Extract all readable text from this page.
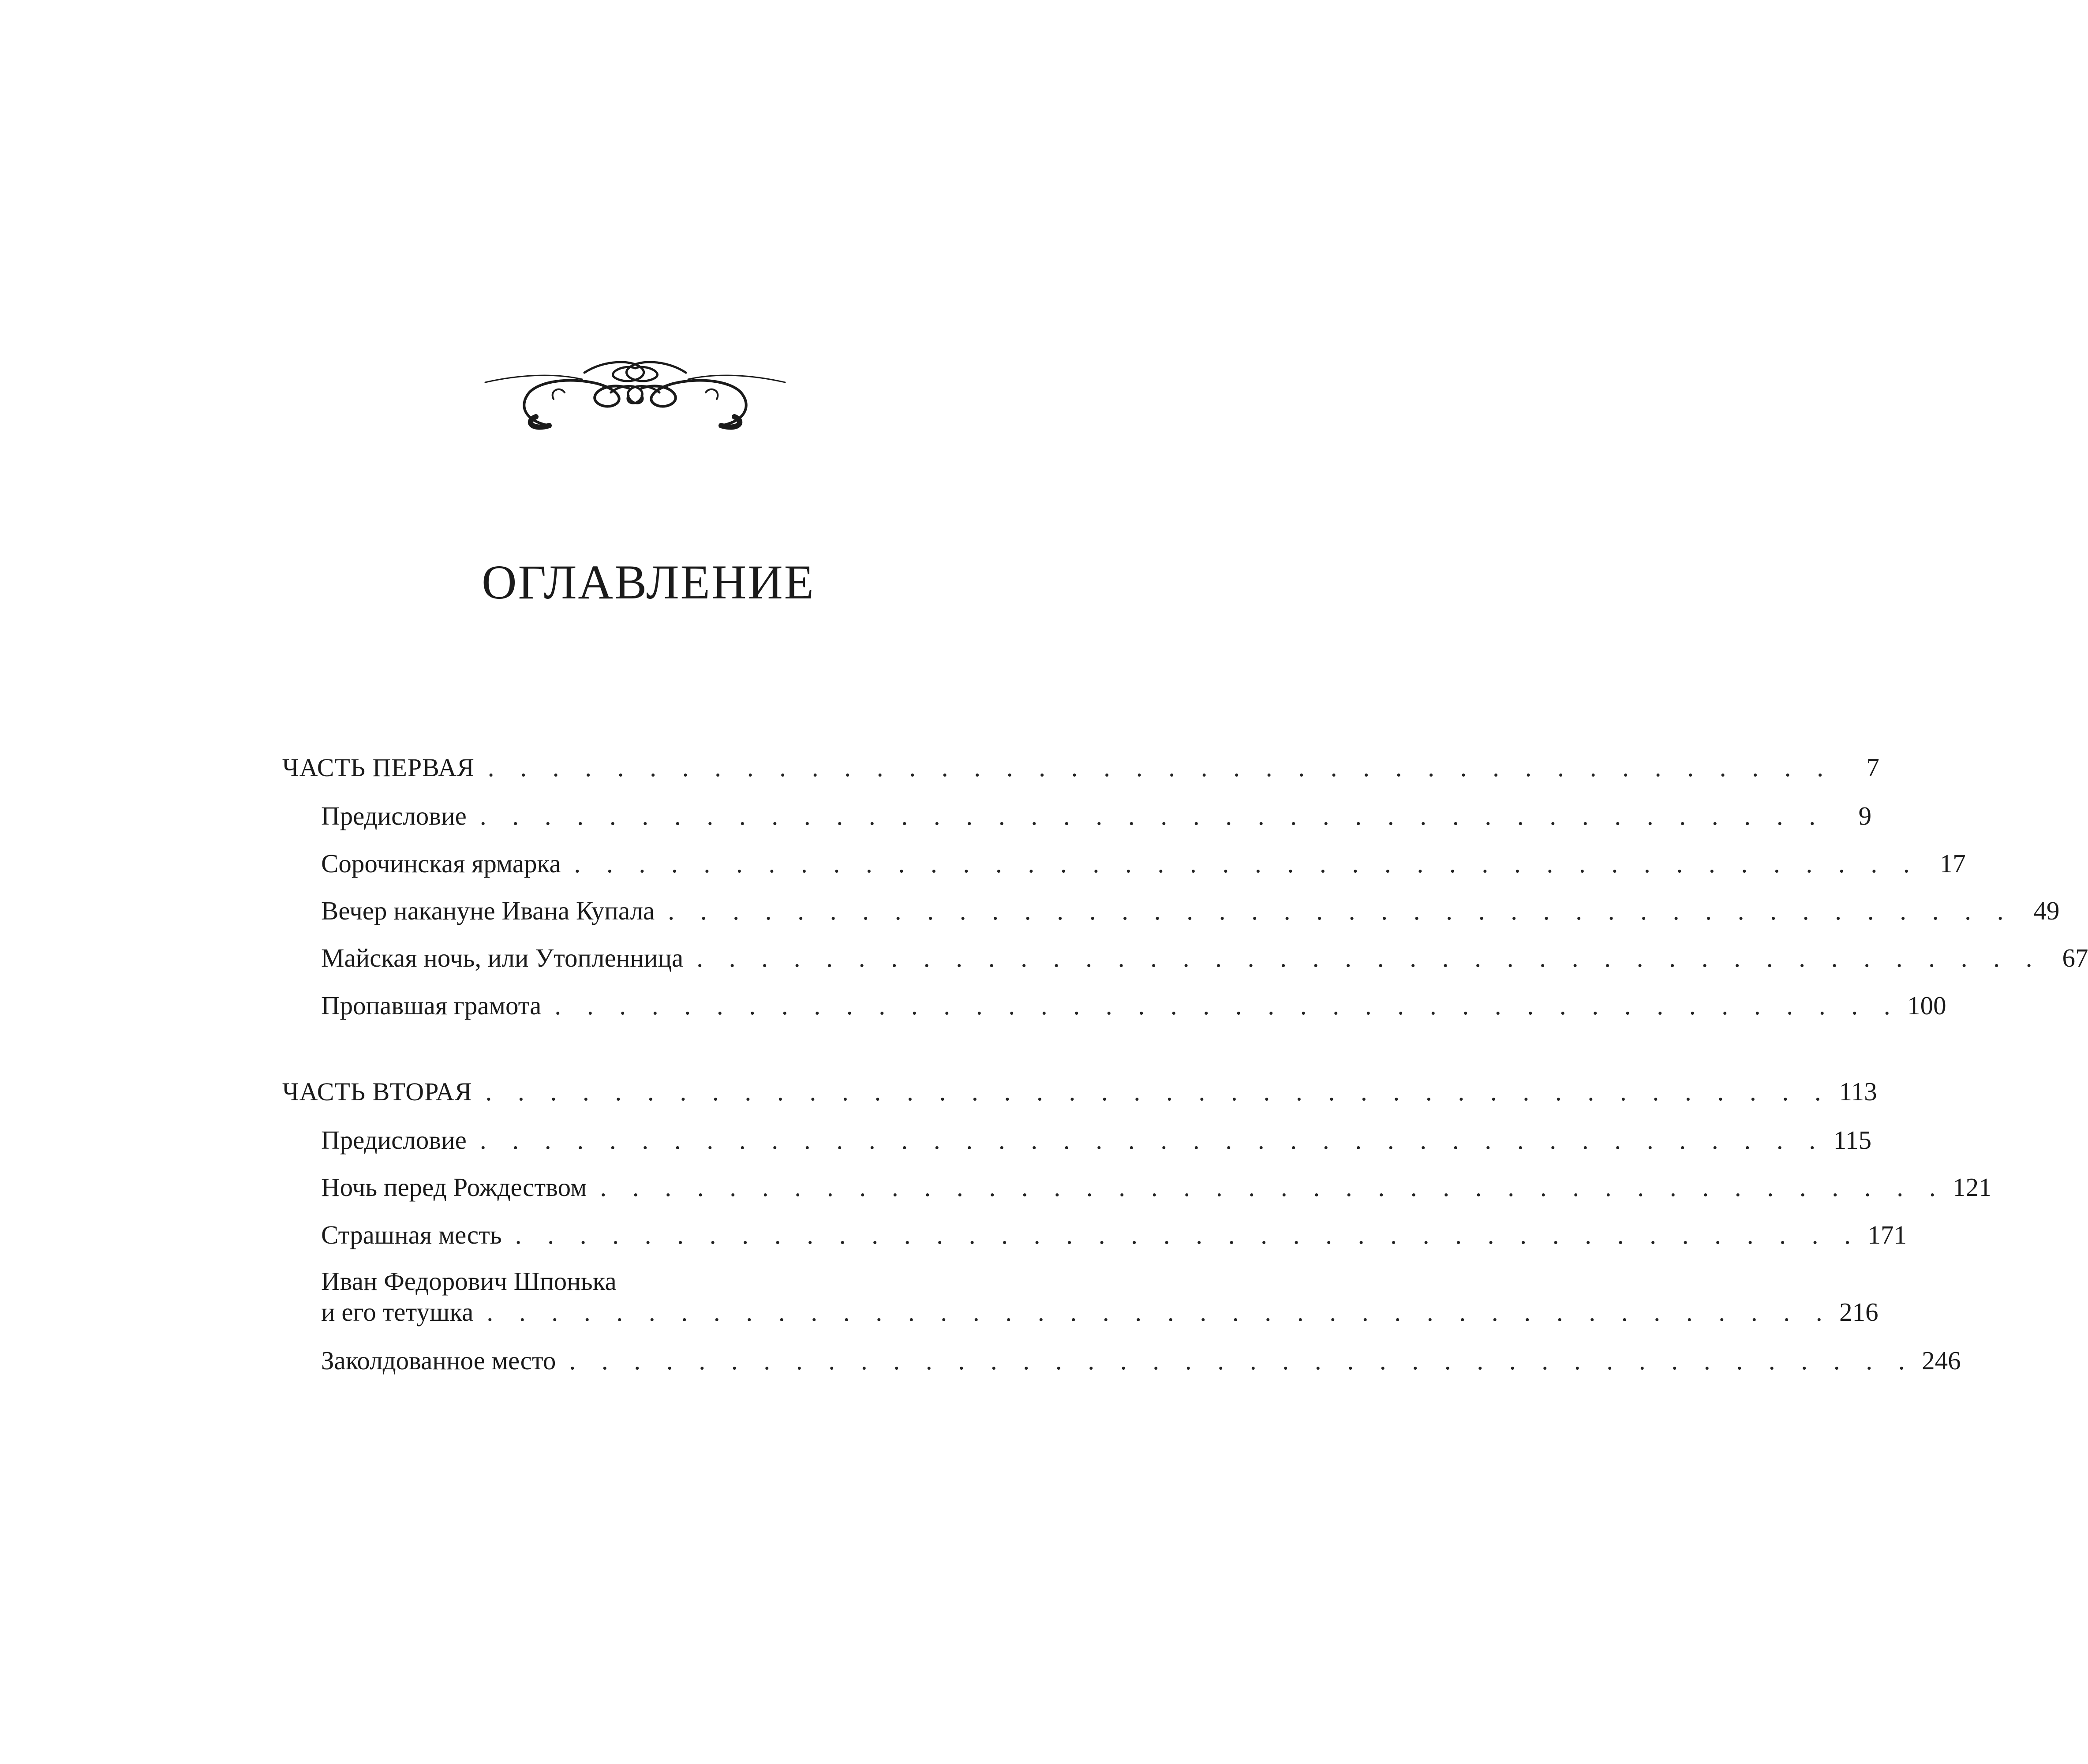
ОГЛАВЛЕНИЕ
ЧАСТЬ ПЕРВАЯ . . . . . . . . . . . . . . . . . . . . . . . . . . . . . . . . . . . . . . . . . .	7
Предисловие . . . . . . . . . . . . . . . . . . . . . . . . . . . . . . . . . . . . . . . . . .	9
Сорочинская ярмарка . . . . . . . . . . . . . . . . . . . . . . . . . . . . . . . . . . . . . . . . . . 17
Вечер накануне Ивана Купала . . . . . . . . . . . . . . . . . . . . . . . . . . . . . . . . . . . . . . . . . . 49
Майская ночь, или Утопленница . . . . . . . . . . . . . . . . . . . . . . . . . . . . . . . . . . . . . . . . . . 67
Пропавшая грамота . . . . . . . . . . . . . . . . . . . . . . . . . . . . . . . . . . . . . . . . . . 100
ЧАСТЬ ВТОРАЯ . . . . . . . . . . . . . . . . . . . . . . . . . . . . . . . . . . . . . . . . . . 113
Предисловие . . . . . . . . . . . . . . . . . . . . . . . . . . . . . . . . . . . . . . . . . . 115
Ночь перед Рождеством . . . . . . . . . . . . . . . . . . . . . . . . . . . . . . . . . . . . . . . . . . 121
Страшная месть . . . . . . . . . . . . . . . . . . . . . . . . . . . . . . . . . . . . . . . . . . 171
Иван Федорович Шпонька
и его тетушка . . . . . . . . . . . . . . . . . . . . . . . . . . . . . . . . . . . . . . . . . . 216
Заколдованное место . . . . . . . . . . . . . . . . . . . . . . . . . . . . . . . . . . . . . . . . . . 246
